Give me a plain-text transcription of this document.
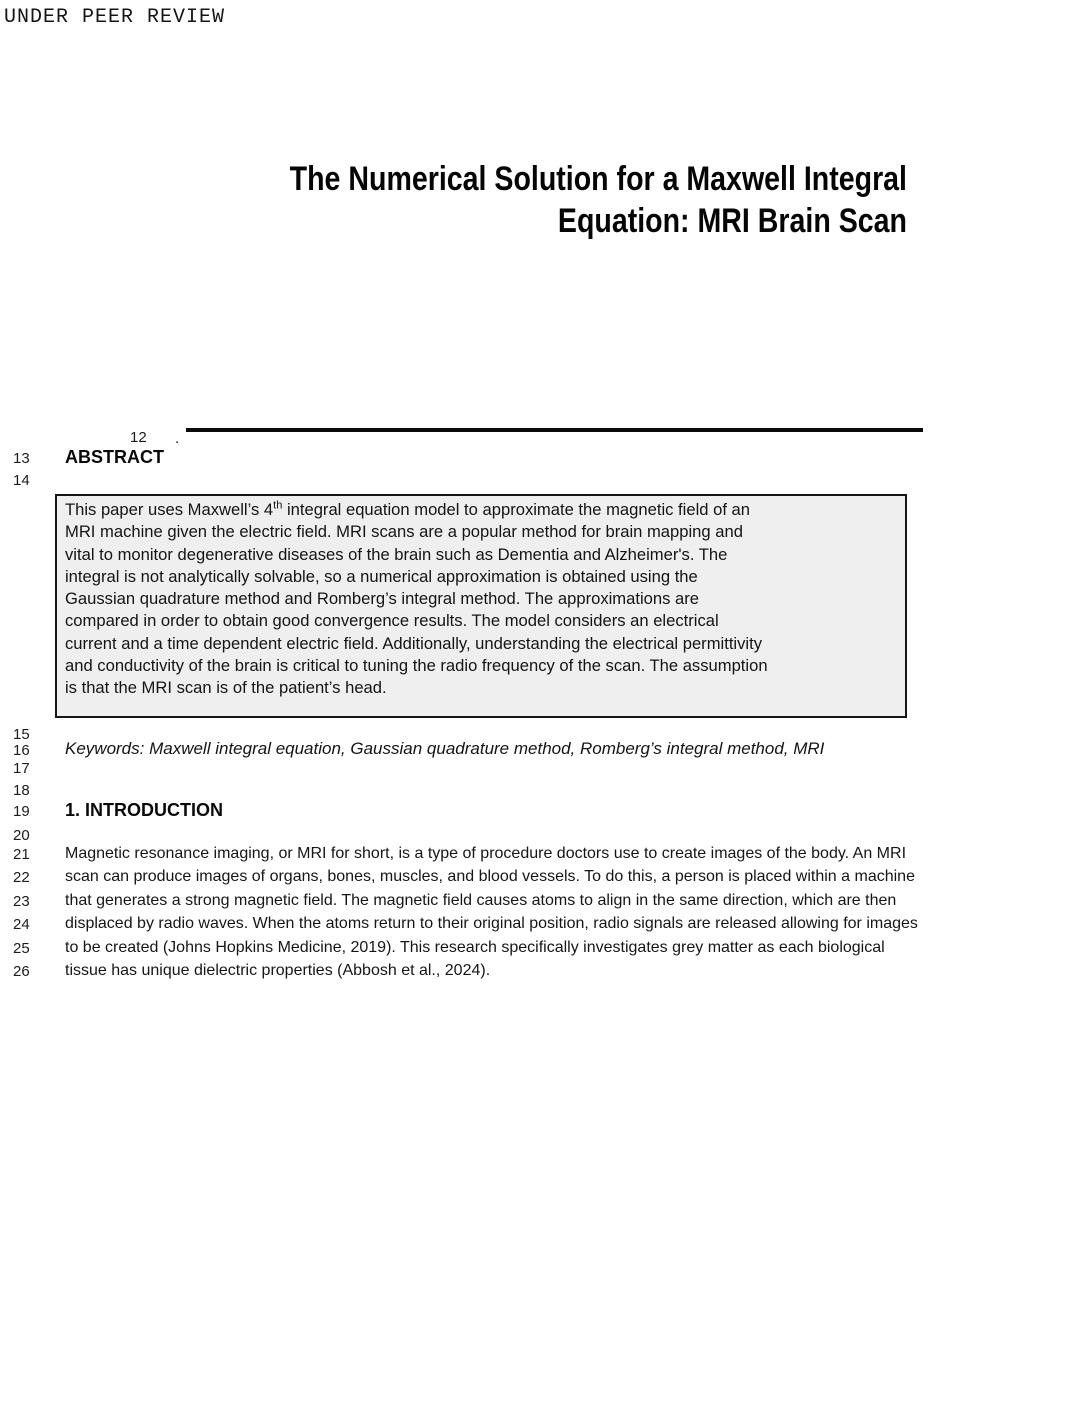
UNDER PEER REVIEW
The Numerical Solution for a Maxwell Integral
Equation: MRI Brain Scan
12 .
13 ABSTRACT
14
This paper uses Maxwell’s 4th integral equation model to approximate the magnetic field of an
MRI machine given the electric field. MRI scans are a popular method for brain mapping and
vital to monitor degenerative diseases of the brain such as Dementia and Alzheimer's. The
integral is not analytically solvable, so a numerical approximation is obtained using the
Gaussian quadrature method and Romberg’s integral method. The approximations are
compared in order to obtain good convergence results. The model considers an electrical
current and a time dependent electric field. Additionally, understanding the electrical permittivity
and conductivity of the brain is critical to tuning the radio frequency of the scan. The assumption
is that the MRI scan is of the patient’s head.
15
16 Keywords: Maxwell integral equation, Gaussian quadrature method, Romberg’s integral method, MRI
17
18
19 1. INTRODUCTION
20
21 Magnetic resonance imaging, or MRI for short, is a type of procedure doctors use to create images of the body. An MRI
22 scan can produce images of organs, bones, muscles, and blood vessels. To do this, a person is placed within a machine
23 that generates a strong magnetic field. The magnetic field causes atoms to align in the same direction, which are then
24 displaced by radio waves. When the atoms return to their original position, radio signals are released allowing for images
25 to be created (Johns Hopkins Medicine, 2019). This research specifically investigates grey matter as each biological
26 tissue has unique dielectric properties (Abbosh et al., 2024).
